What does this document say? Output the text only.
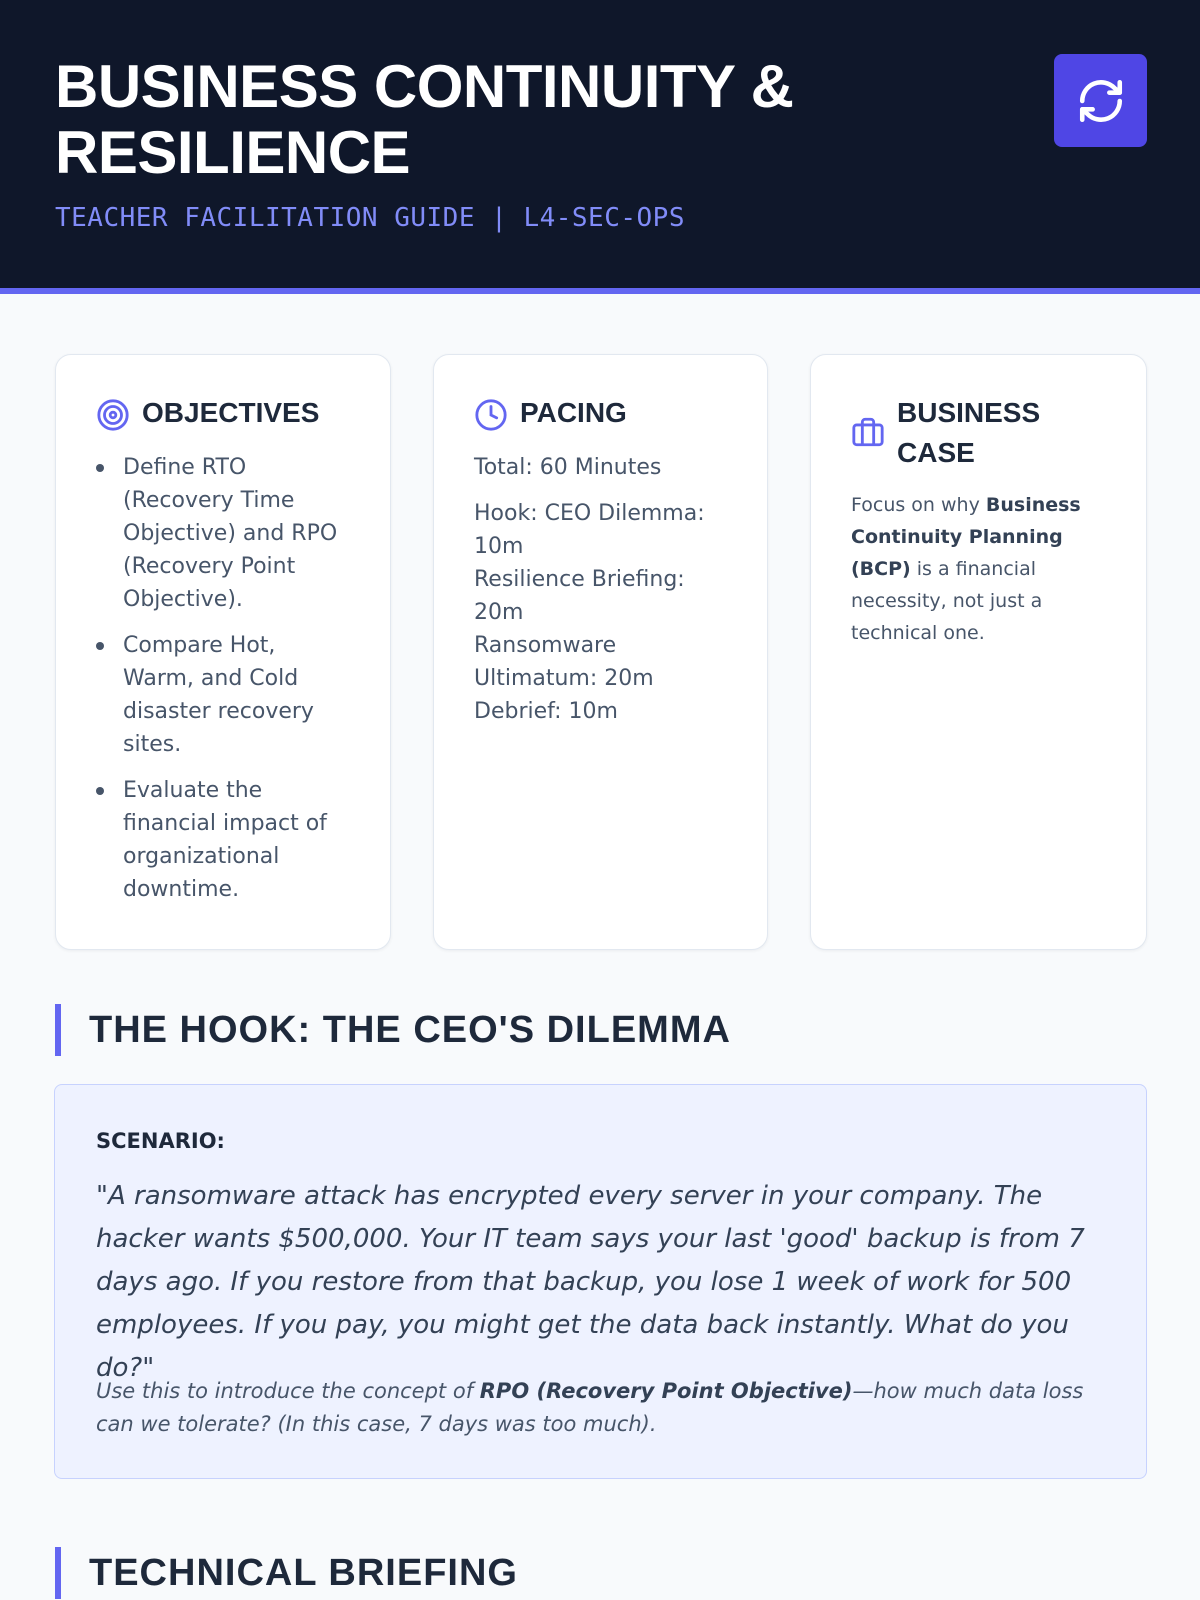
BUSINESS CONTINUITY & RESILIENCE
TEACHER FACILITATION GUIDE | L4-SEC-OPS
OBJECTIVES
Define RTO (Recovery Time Objective) and RPO (Recovery Point Objective).
Compare Hot, Warm, and Cold disaster recovery sites.
Evaluate the financial impact of organizational downtime.
PACING
Total: 60 Minutes
Hook: CEO Dilemma: 10m
Resilience Briefing: 20m
Ransomware Ultimatum: 20m
Debrief: 10m
BUSINESS CASE
Focus on why Business Continuity Planning (BCP) is a financial necessity, not just a technical one.
THE HOOK: THE CEO'S DILEMMA
SCENARIO:
"A ransomware attack has encrypted every server in your company. The hacker wants $500,000. Your IT team says your last 'good' backup is from 7 days ago. If you restore from that backup, you lose 1 week of work for 500 employees. If you pay, you might get the data back instantly. What do you do?"
Use this to introduce the concept of RPO (Recovery Point Objective)—how much data loss can we tolerate? (In this case, 7 days was too much).
TECHNICAL BRIEFING
